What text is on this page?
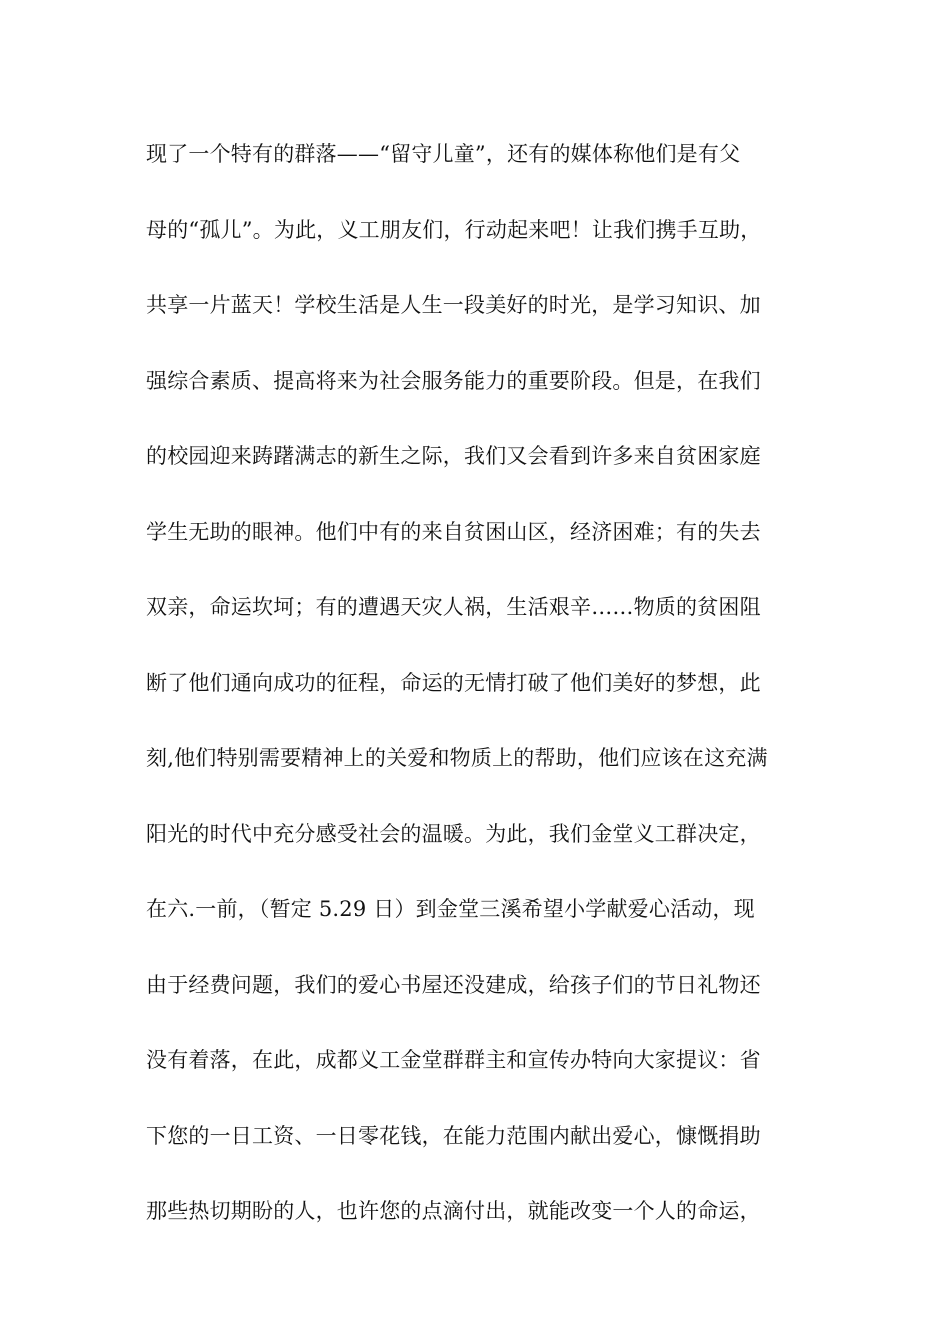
现了一个特有的群落——“留守儿童”，还有的媒体称他们是有父
母的“孤儿”。为此，义工朋友们，行动起来吧！让我们携手互助，
共享一片蓝天！学校生活是人生一段美好的时光，是学习知识、加
强综合素质、提高将来为社会服务能力的重要阶段。但是，在我们
的校园迎来踌躇满志的新生之际，我们又会看到许多来自贫困家庭
学生无助的眼神。他们中有的来自贫困山区，经济困难；有的失去
双亲，命运坎坷；有的遭遇天灾人祸，生活艰辛……物质的贫困阻
断了他们通向成功的征程，命运的无情打破了他们美好的梦想，此
刻,他们特别需要精神上的关爱和物质上的帮助，他们应该在这充满
阳光的时代中充分感受社会的温暖。为此，我们金堂义工群决定，
在六.一前，（暂定 5.29 日）到金堂三溪希望小学献爱心活动，现
由于经费问题，我们的爱心书屋还没建成，给孩子们的节日礼物还
没有着落，在此，成都义工金堂群群主和宣传办特向大家提议：省
下您的一日工资、一日零花钱，在能力范围内献出爱心，慷慨捐助
那些热切期盼的人，也许您的点滴付出，就能改变一个人的命运，
